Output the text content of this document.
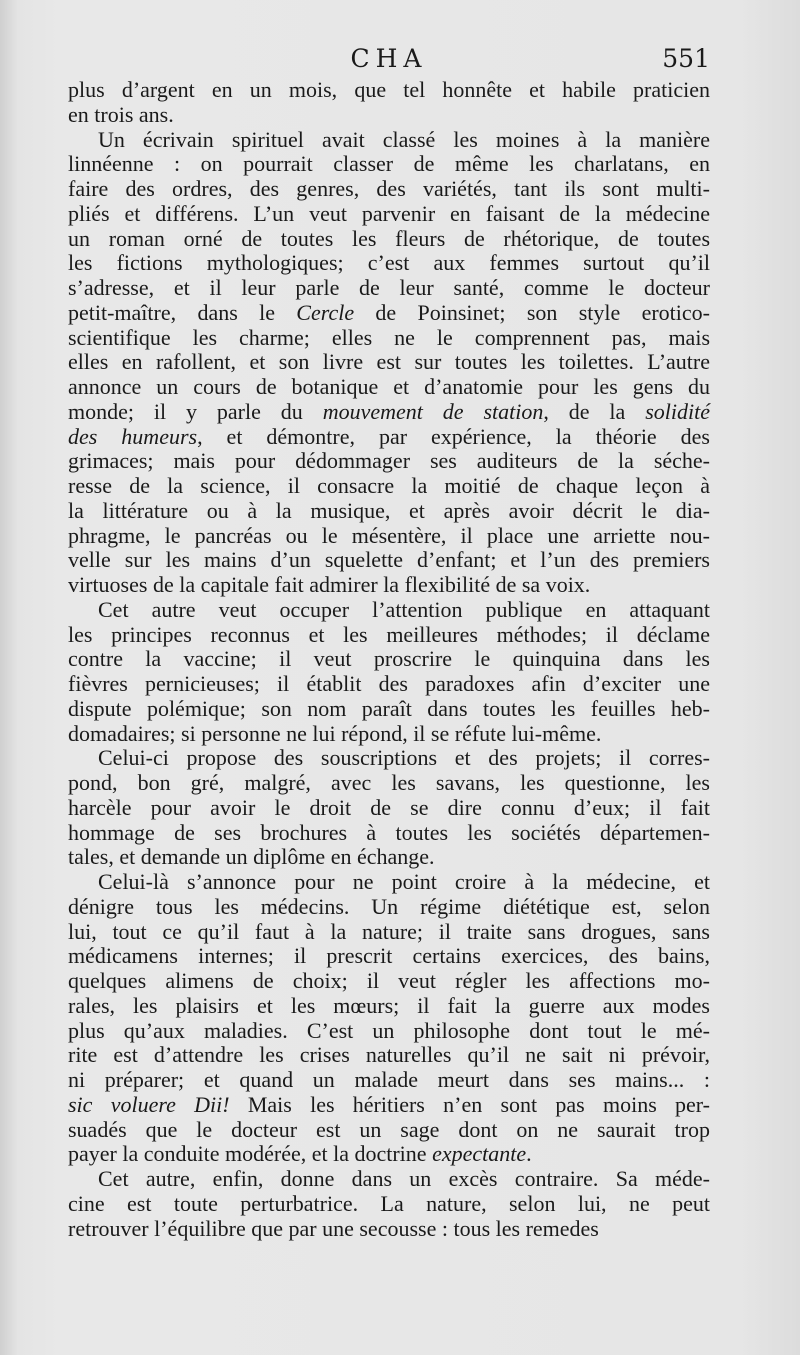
CHA	551

plus d’argent en un mois, que tel honnête et habile praticien
en trois ans.

Un écrivain spirituel avait classé les moines à la manière
linnéenne : on pourrait classer de même les charlatans, en
faire des ordres, des genres, des variétés, tant ils sont multi-
pliés et différens. L’un veut parvenir en faisant de la médecine
un roman orné de toutes les fleurs de rhétorique, de toutes
les fictions mythologiques; c’est aux femmes surtout qu’il
s’adresse, et il leur parle de leur santé, comme le docteur
petit-maître, dans le Cercle de Poinsinet; son style erotico-
scientifique les charme; elles ne le comprennent pas, mais
elles en rafollent, et son livre est sur toutes les toilettes. L’autre
annonce un cours de botanique et d’anatomie pour les gens du
monde; il y parle du mouvement de station, de la solidité
des humeurs, et démontre, par expérience, la théorie des
grimaces; mais pour dédommager ses auditeurs de la séche-
resse de la science, il consacre la moitié de chaque leçon à
la littérature ou à la musique, et après avoir décrit le dia-
phragme, le pancréas ou le mésentère, il place une arriette nou-
velle sur les mains d’un squelette d’enfant; et l’un des premiers
virtuoses de la capitale fait admirer la flexibilité de sa voix.

Cet autre veut occuper l’attention publique en attaquant
les principes reconnus et les meilleures méthodes; il déclame
contre la vaccine; il veut proscrire le quinquina dans les
fièvres pernicieuses; il établit des paradoxes afin d’exciter une
dispute polémique; son nom paraît dans toutes les feuilles heb-
domadaires; si personne ne lui répond, il se réfute lui-même.

Celui-ci propose des souscriptions et des projets; il corres-
pond, bon gré, malgré, avec les savans, les questionne, les
harcèle pour avoir le droit de se dire connu d’eux; il fait
hommage de ses brochures à toutes les sociétés départemen-
tales, et demande un diplôme en échange.

Celui-là s’annonce pour ne point croire à la médecine, et
dénigre tous les médecins. Un régime diététique est, selon
lui, tout ce qu’il faut à la nature; il traite sans drogues, sans
médicamens internes; il prescrit certains exercices, des bains,
quelques alimens de choix; il veut régler les affections mo-
rales, les plaisirs et les mœurs; il fait la guerre aux modes
plus qu’aux maladies. C’est un philosophe dont tout le mé-
rite est d’attendre les crises naturelles qu’il ne sait ni prévoir,
ni préparer; et quand un malade meurt dans ses mains... :
sic voluere Dii! Mais les héritiers n’en sont pas moins per-
suadés que le docteur est un sage dont on ne saurait trop
payer la conduite modérée, et la doctrine expectante.

Cet autre, enfin, donne dans un excès contraire. Sa méde-
cine est toute perturbatrice. La nature, selon lui, ne peut
retrouver l’équilibre que par une secousse : tous les remedes
